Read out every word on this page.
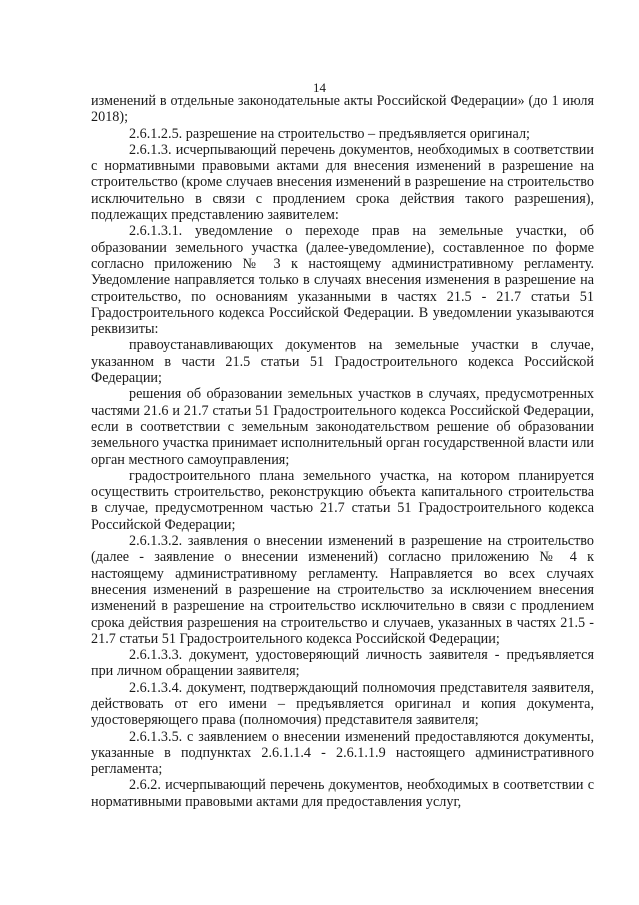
14

изменений в отдельные законодательные акты Российской Федерации» (до 1 июля 2018);

2.6.1.2.5. разрешение на строительство – предъявляется оригинал;

2.6.1.3. исчерпывающий перечень документов, необходимых в соответствии с нормативными правовыми актами для внесения изменений в разрешение на строительство (кроме случаев внесения изменений в разрешение на строительство исключительно в связи с продлением срока действия такого разрешения), подлежащих представлению заявителем:

2.6.1.3.1. уведомление о переходе прав на земельные участки, об образовании земельного участка (далее-уведомление), составленное по форме согласно приложению № 3 к настоящему административному регламенту. Уведомление направляется только в случаях внесения изменения в разрешение на строительство, по основаниям указанными в частях 21.5 - 21.7 статьи 51 Градостроительного кодекса Российской Федерации. В уведомлении указываются реквизиты:

правоустанавливающих документов на земельные участки в случае, указанном в части 21.5 статьи 51 Градостроительного кодекса Российской Федерации;

решения об образовании земельных участков в случаях, предусмотренных частями 21.6 и 21.7 статьи 51 Градостроительного кодекса Российской Федерации, если в соответствии с земельным законодательством решение об образовании земельного участка принимает исполнительный орган государственной власти или орган местного самоуправления;

градостроительного плана земельного участка, на котором планируется осуществить строительство, реконструкцию объекта капитального строительства в случае, предусмотренном частью 21.7 статьи 51 Градостроительного кодекса Российской Федерации;

2.6.1.3.2. заявления о внесении изменений в разрешение на строительство (далее - заявление о внесении изменений) согласно приложению № 4 к настоящему административному регламенту. Направляется во всех случаях внесения изменений в разрешение на строительство за исключением внесения изменений в разрешение на строительство исключительно в связи с продлением срока действия разрешения на строительство и случаев, указанных в частях 21.5 - 21.7 статьи 51 Градостроительного кодекса Российской Федерации;

2.6.1.3.3. документ, удостоверяющий личность заявителя - предъявляется при личном обращении заявителя;

2.6.1.3.4. документ, подтверждающий полномочия представителя заявителя, действовать от его имени – предъявляется оригинал и копия документа, удостоверяющего права (полномочия) представителя заявителя;

2.6.1.3.5. с заявлением о внесении изменений предоставляются документы, указанные в подпунктах 2.6.1.1.4 - 2.6.1.1.9 настоящего административного регламента;

2.6.2. исчерпывающий перечень документов, необходимых в соответствии с нормативными правовыми актами для предоставления услуг,
